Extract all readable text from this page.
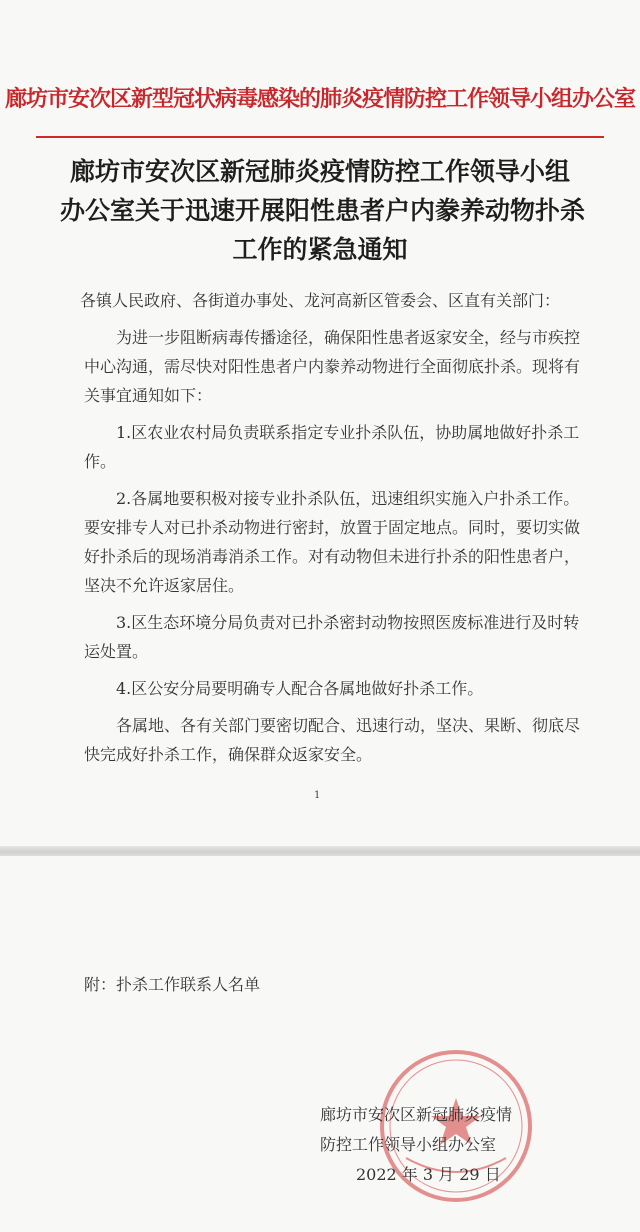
廊坊市安次区新型冠状病毒感染的肺炎疫情防控工作领导小组办公室
廊坊市安次区新冠肺炎疫情防控工作领导小组
办公室关于迅速开展阳性患者户内豢养动物扑杀
工作的紧急通知

各镇人民政府、各街道办事处、龙河高新区管委会、区直有关部门：

为进一步阻断病毒传播途径，确保阳性患者返家安全，经与市疾控中心沟通，需尽快对阳性患者户内豢养动物进行全面彻底扑杀。现将有关事宜通知如下：

1.区农业农村局负责联系指定专业扑杀队伍，协助属地做好扑杀工作。

2.各属地要积极对接专业扑杀队伍，迅速组织实施入户扑杀工作。要安排专人对已扑杀动物进行密封，放置于固定地点。同时，要切实做好扑杀后的现场消毒消杀工作。对有动物但未进行扑杀的阳性患者户，坚决不允许返家居住。

3.区生态环境分局负责对已扑杀密封动物按照医废标准进行及时转运处置。

4.区公安分局要明确专人配合各属地做好扑杀工作。

各属地、各有关部门要密切配合、迅速行动，坚决、果断、彻底尽快完成好扑杀工作，确保群众返家安全。

1
附：扑杀工作联系人名单
廊坊市安次区新冠肺炎疫情
防控工作领导小组办公室
2022 年 3 月 29 日
